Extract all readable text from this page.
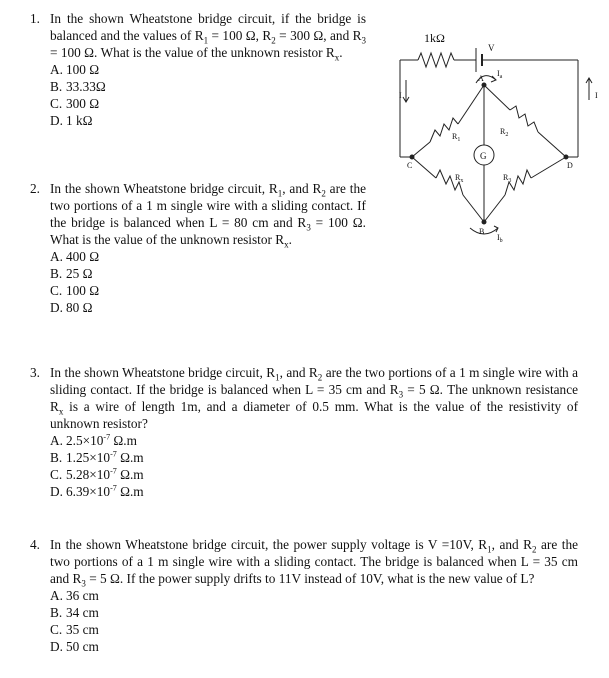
1. In the shown Wheatstone bridge circuit, if the bridge is balanced and the values of $R_1 = 100$ Ω, $R_2 = 300$ Ω, and $R_3 = 100$ Ω. What is the value of the unknown resistor $R_x$.
A. 100 Ω
B. 33.33Ω
C. 300 Ω
D. 1 kΩ
2. In the shown Wheatstone bridge circuit, $R_1$, and $R_2$ are the two portions of a 1 m single wire with a sliding contact. If the bridge is balanced when L = 80 cm and $R_3 = 100$ Ω. What is the value of the unknown resistor $R_x$.
A. 400 Ω
B. 25 Ω
C. 100 Ω
D. 80 Ω
3. In the shown Wheatstone bridge circuit, $R_1$, and $R_2$ are the two portions of a 1 m single wire with a sliding contact. If the bridge is balanced when L = 35 cm and $R_3 = 5$ Ω. The unknown resistance $R_x$ is a wire of length 1m, and a diameter of 0.5 mm. What is the value of the resistivity of unknown resistor?
A. $2.5\times 10^{-7}$ Ω.m
B. $1.25\times 10^{-7}$ Ω.m
C. $5.28\times 10^{-7}$ Ω.m
D. $6.39\times 10^{-7}$ Ω.m
4. In the shown Wheatstone bridge circuit, the power supply voltage is V =10V, $R_1$, and $R_2$ are the two portions of a 1 m single wire with a sliding contact. The bridge is balanced when L = 35 cm and $R_3 = 5$ Ω. If the power supply drifts to 11V instead of 10V, what is the new value of L?
A. 36 cm
B. 34 cm
C. 35 cm
D. 50 cm
1kΩ
V
I	I
A
B
C	D
$I_a$
$I_b$
$R_1$
$R_2$
$R_x$	$R_3$
G
